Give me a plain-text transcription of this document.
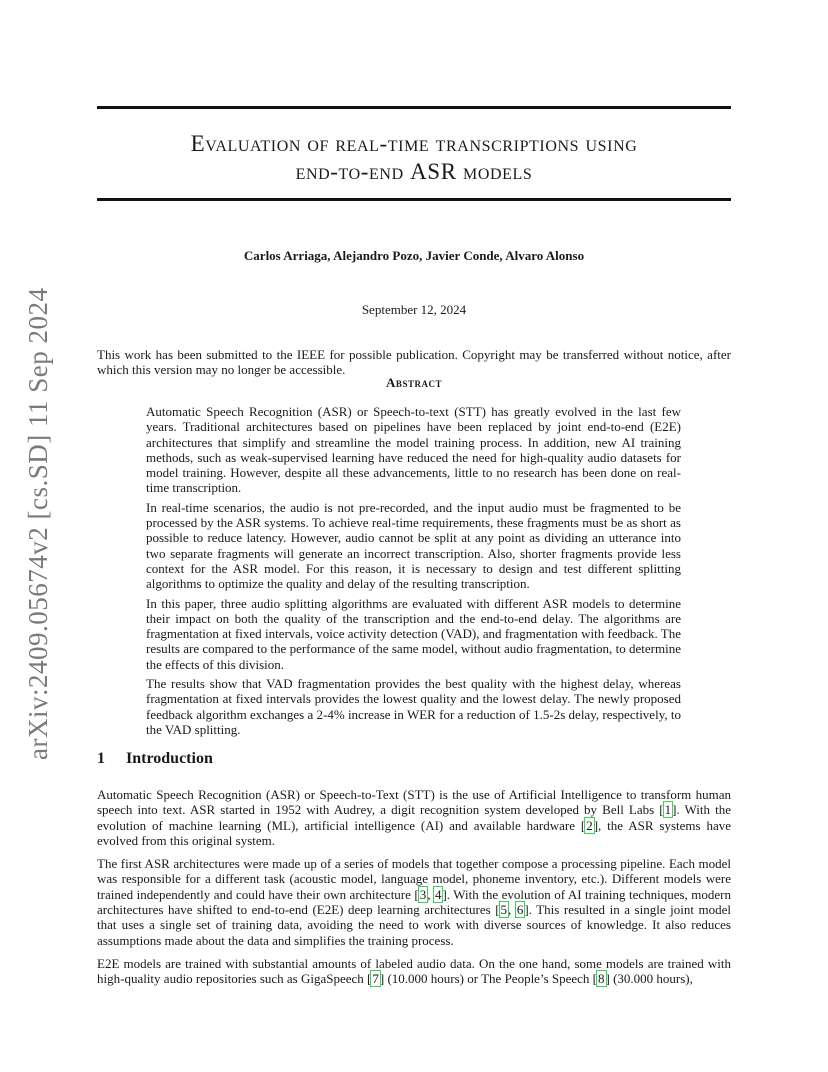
Evaluation of real-time transcriptions using
end-to-end ASR models
Carlos Arriaga, Alejandro Pozo, Javier Conde, Alvaro Alonso
September 12, 2024
arXiv:2409.05674v2 [cs.SD] 11 Sep 2024	This work has been submitted to the IEEE for possible publication. Copyright may be transferred without notice, after which this version may no longer be accessible.
Abstract

Automatic Speech Recognition (ASR) or Speech-to-text (STT) has greatly evolved in the last few years. Traditional architectures based on pipelines have been replaced by joint end-to-end (E2E) architectures that simplify and streamline the model training process. In addition, new AI training methods, such as weak-supervised learning have reduced the need for high-quality audio datasets for model training. However, despite all these advancements, little to no research has been done on real-time transcription.

In real-time scenarios, the audio is not pre-recorded, and the input audio must be fragmented to be processed by the ASR systems. To achieve real-time requirements, these fragments must be as short as possible to reduce latency. However, audio cannot be split at any point as dividing an utterance into two separate fragments will generate an incorrect transcription. Also, shorter fragments provide less context for the ASR model. For this reason, it is necessary to design and test different splitting algorithms to optimize the quality and delay of the resulting transcription.

In this paper, three audio splitting algorithms are evaluated with different ASR models to determine their impact on both the quality of the transcription and the end-to-end delay. The algorithms are fragmentation at fixed intervals, voice activity detection (VAD), and fragmentation with feedback. The results are compared to the performance of the same model, without audio fragmentation, to determine the effects of this division.

The results show that VAD fragmentation provides the best quality with the highest delay, whereas fragmentation at fixed intervals provides the lowest quality and the lowest delay. The newly proposed feedback algorithm exchanges a 2-4% increase in WER for a reduction of 1.5-2s delay, respectively, to the VAD splitting.

1 Introduction

Automatic Speech Recognition (ASR) or Speech-to-Text (STT) is the use of Artificial Intelligence to transform human speech into text. ASR started in 1952 with Audrey, a digit recognition system developed by Bell Labs [1]. With the evolution of machine learning (ML), artificial intelligence (AI) and available hardware [2], the ASR systems have evolved from this original system.

The first ASR architectures were made up of a series of models that together compose a processing pipeline. Each model was responsible for a different task (acoustic model, language model, phoneme inventory, etc.). Different models were trained independently and could have their own architecture [3, 4]. With the evolution of AI training techniques, modern architectures have shifted to end-to-end (E2E) deep learning architectures [5, 6]. This resulted in a single joint model that uses a single set of training data, avoiding the need to work with diverse sources of knowledge. It also reduces assumptions made about the data and simplifies the training process.

E2E models are trained with substantial amounts of labeled audio data. On the one hand, some models are trained with high-quality audio repositories such as GigaSpeech [7] (10.000 hours) or The People’s Speech [8] (30.000 hours),
